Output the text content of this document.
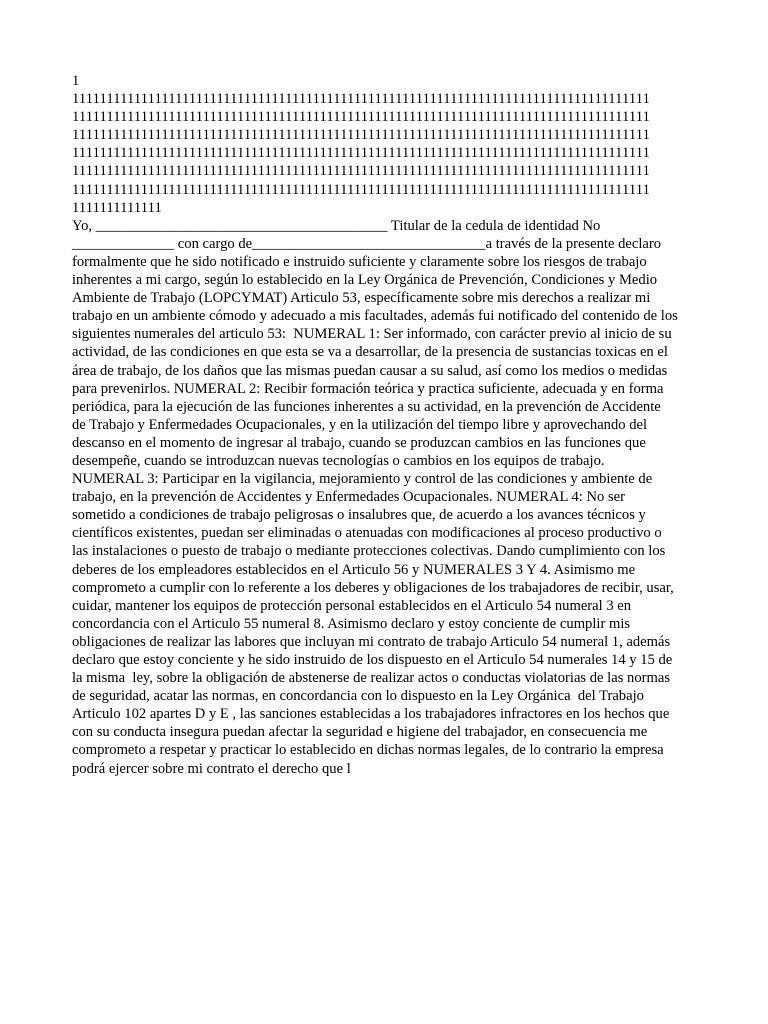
1
111111111111111111111111111111111111111111111111111111111111111111111111111111111111
111111111111111111111111111111111111111111111111111111111111111111111111111111111111
111111111111111111111111111111111111111111111111111111111111111111111111111111111111
111111111111111111111111111111111111111111111111111111111111111111111111111111111111
111111111111111111111111111111111111111111111111111111111111111111111111111111111111
111111111111111111111111111111111111111111111111111111111111111111111111111111111111
1111111111111
Yo, ________________________________________ Titular de la cedula de identidad No
______________ con cargo de________________________________a través de la presente declaro
formalmente que he sido notificado e instruido suficiente y claramente sobre los riesgos de trabajo
inherentes a mi cargo, según lo establecido en la Ley Orgánica de Prevención, Condiciones y Medio
Ambiente de Trabajo (LOPCYMAT) Articulo 53, específicamente sobre mis derechos a realizar mi
trabajo en un ambiente cómodo y adecuado a mis facultades, además fui notificado del contenido de los
siguientes numerales del articulo 53:  NUMERAL 1: Ser informado, con carácter previo al inicio de su
actividad, de las condiciones en que esta se va a desarrollar, de la presencia de sustancias toxicas en el
área de trabajo, de los daños que las mismas puedan causar a su salud, así como los medios o medidas
para prevenirlos. NUMERAL 2: Recibir formación teórica y practica suficiente, adecuada y en forma
periódica, para la ejecución de las funciones inherentes a su actividad, en la prevención de Accidente
de Trabajo y Enfermedades Ocupacionales, y en la utilización del tiempo libre y aprovechando del
descanso en el momento de ingresar al trabajo, cuando se produzcan cambios en las funciones que
desempeñe, cuando se introduzcan nuevas tecnologías o cambios en los equipos de trabajo.
NUMERAL 3: Participar en la vigilancia, mejoramiento y control de las condiciones y ambiente de
trabajo, en la prevención de Accidentes y Enfermedades Ocupacionales. NUMERAL 4: No ser
sometido a condiciones de trabajo peligrosas o insalubres que, de acuerdo a los avances técnicos y
científicos existentes, puedan ser eliminadas o atenuadas con modificaciones al proceso productivo o
las instalaciones o puesto de trabajo o mediante protecciones colectivas. Dando cumplimiento con los
deberes de los empleadores establecidos en el Articulo 56 y NUMERALES 3 Y 4. Asimismo me
comprometo a cumplir con lo referente a los deberes y obligaciones de los trabajadores de recibir, usar,
cuidar, mantener los equipos de protección personal establecidos en el Articulo 54 numeral 3 en
concordancia con el Articulo 55 numeral 8. Asimismo declaro y estoy conciente de cumplir mis
obligaciones de realizar las labores que incluyan mi contrato de trabajo Articulo 54 numeral 1, además
declaro que estoy conciente y he sido instruido de los dispuesto en el Articulo 54 numerales 14 y 15 de
la misma  ley, sobre la obligación de abstenerse de realizar actos o conductas violatorias de las normas
de seguridad, acatar las normas, en concordancia con lo dispuesto en la Ley Orgánica  del Trabajo
Articulo 102 apartes D y E , las sanciones establecidas a los trabajadores infractores en los hechos que
con su conducta insegura puedan afectar la seguridad e higiene del trabajador, en consecuencia me
comprometo a respetar y practicar lo establecido en dichas normas legales, de lo contrario la empresa
podrá ejercer sobre mi contrato el derecho que l
